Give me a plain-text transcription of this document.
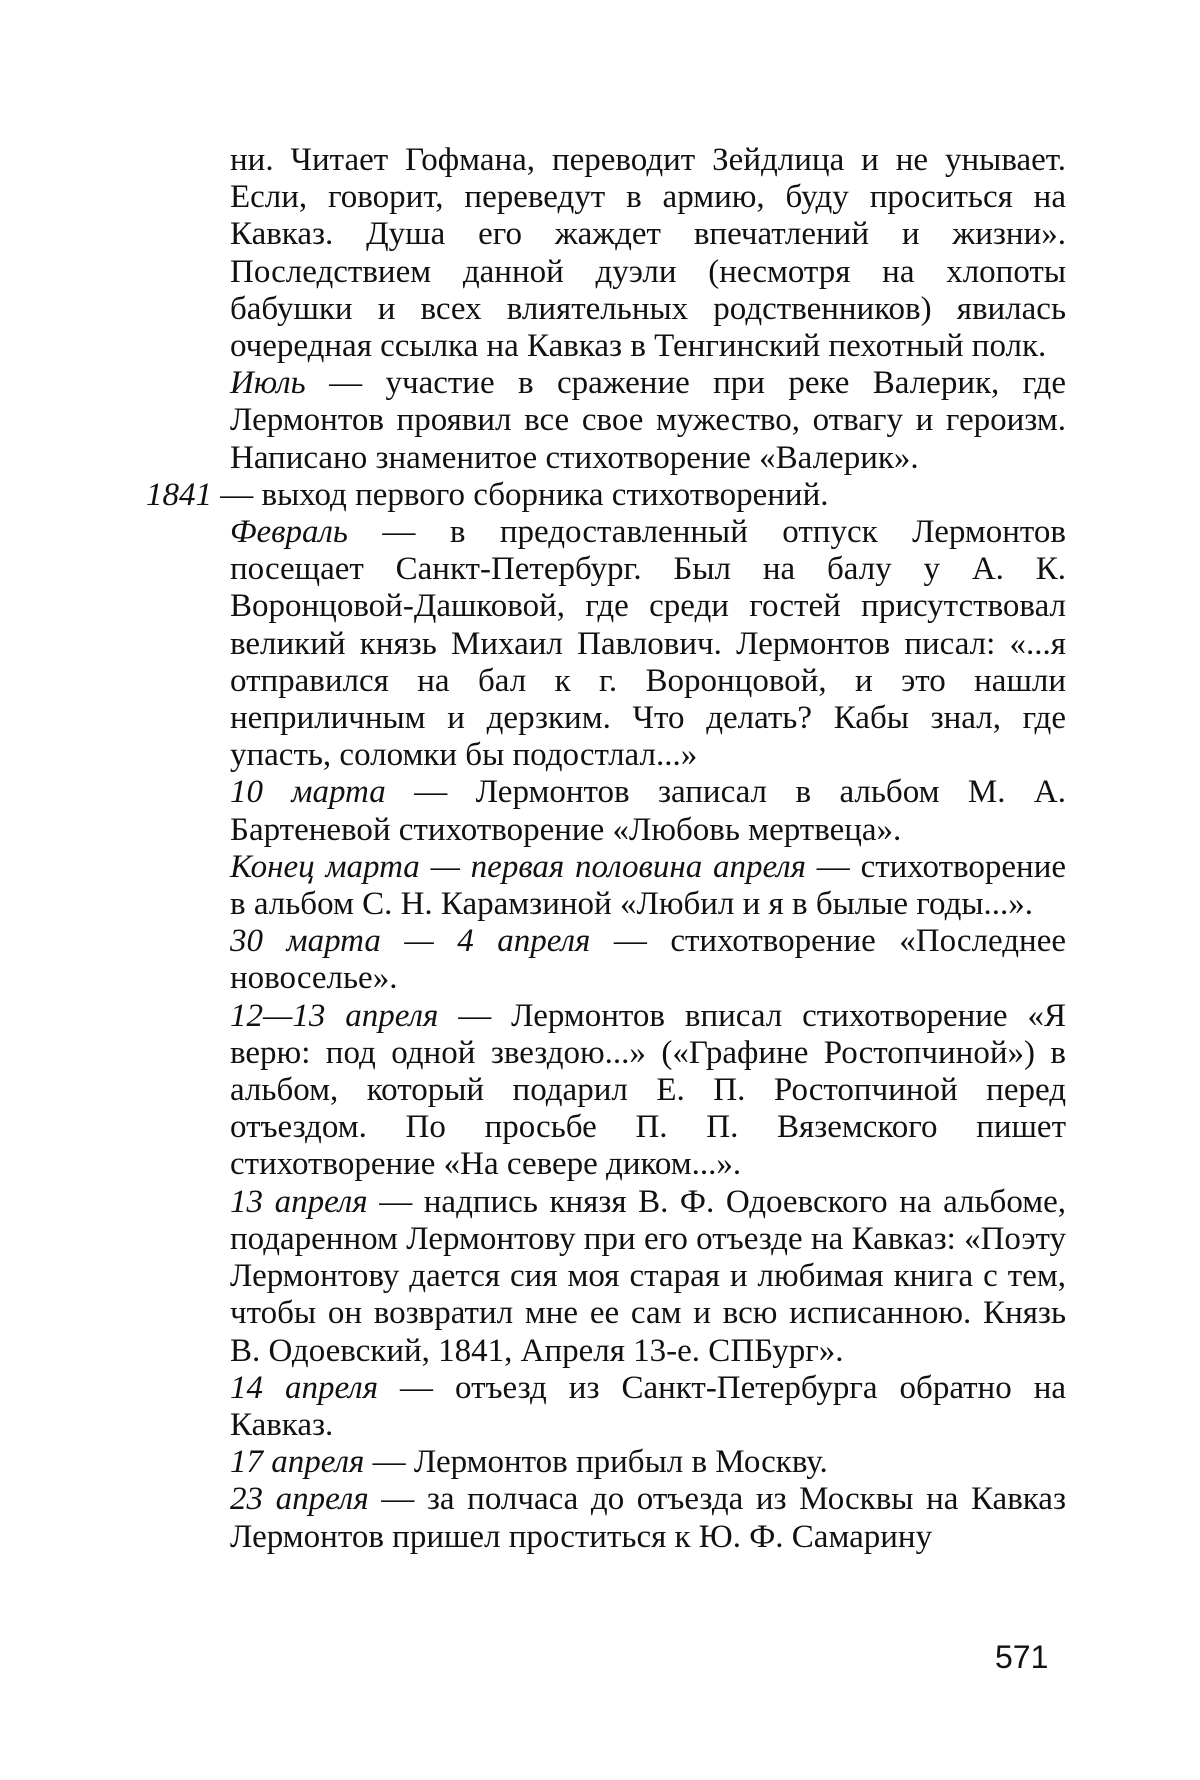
ни. Читает Гофмана, переводит Зейдлица и не унывает. Если, говорит, переведут в армию, буду проситься на Кавказ. Душа его жаждет впечатлений и жизни». Последствием данной дуэли (несмотря на хлопоты бабушки и всех влиятельных родственников) явилась очередная ссылка на Кавказ в Тенгинский пехотный полк.

Июль — участие в сражение при реке Валерик, где Лермонтов проявил все свое мужество, отвагу и героизм. Написано знаменитое стихотворение «Валерик».

1841 — выход первого сборника стихотворений.

Февраль — в предоставленный отпуск Лермонтов посещает Санкт-Петербург. Был на балу у А. К. Воронцовой-Дашковой, где среди гостей присутствовал великий князь Михаил Павлович. Лермонтов писал: «...я отправился на бал к г. Воронцовой, и это нашли неприличным и дерзким. Что делать? Кабы знал, где упасть, соломки бы подостлал...»

10 марта — Лермонтов записал в альбом М. А. Бартеневой стихотворение «Любовь мертвеца».

Конец марта — первая половина апреля — стихотворение в альбом С. Н. Карамзиной «Любил и я в былые годы...».

30 марта — 4 апреля — стихотворение «Последнее новоселье».

12—13 апреля — Лермонтов вписал стихотворение «Я верю: под одной звездою...» («Графине Ростопчиной») в альбом, который подарил Е. П. Ростопчиной перед отъездом. По просьбе П. П. Вяземского пишет стихотворение «На севере диком...».

13 апреля — надпись князя В. Ф. Одоевского на альбоме, подаренном Лермонтову при его отъезде на Кавказ: «Поэту Лермонтову дается сия моя старая и любимая книга с тем, чтобы он возвратил мне ее сам и всю исписанною. Князь В. Одоевский, 1841, Апреля 13-е. СПБург».

14 апреля — отъезд из Санкт-Петербурга обратно на Кавказ.

17 апреля — Лермонтов прибыл в Москву.

23 апреля — за полчаса до отъезда из Москвы на Кавказ Лермонтов пришел проститься к Ю. Ф. Самарину

571
